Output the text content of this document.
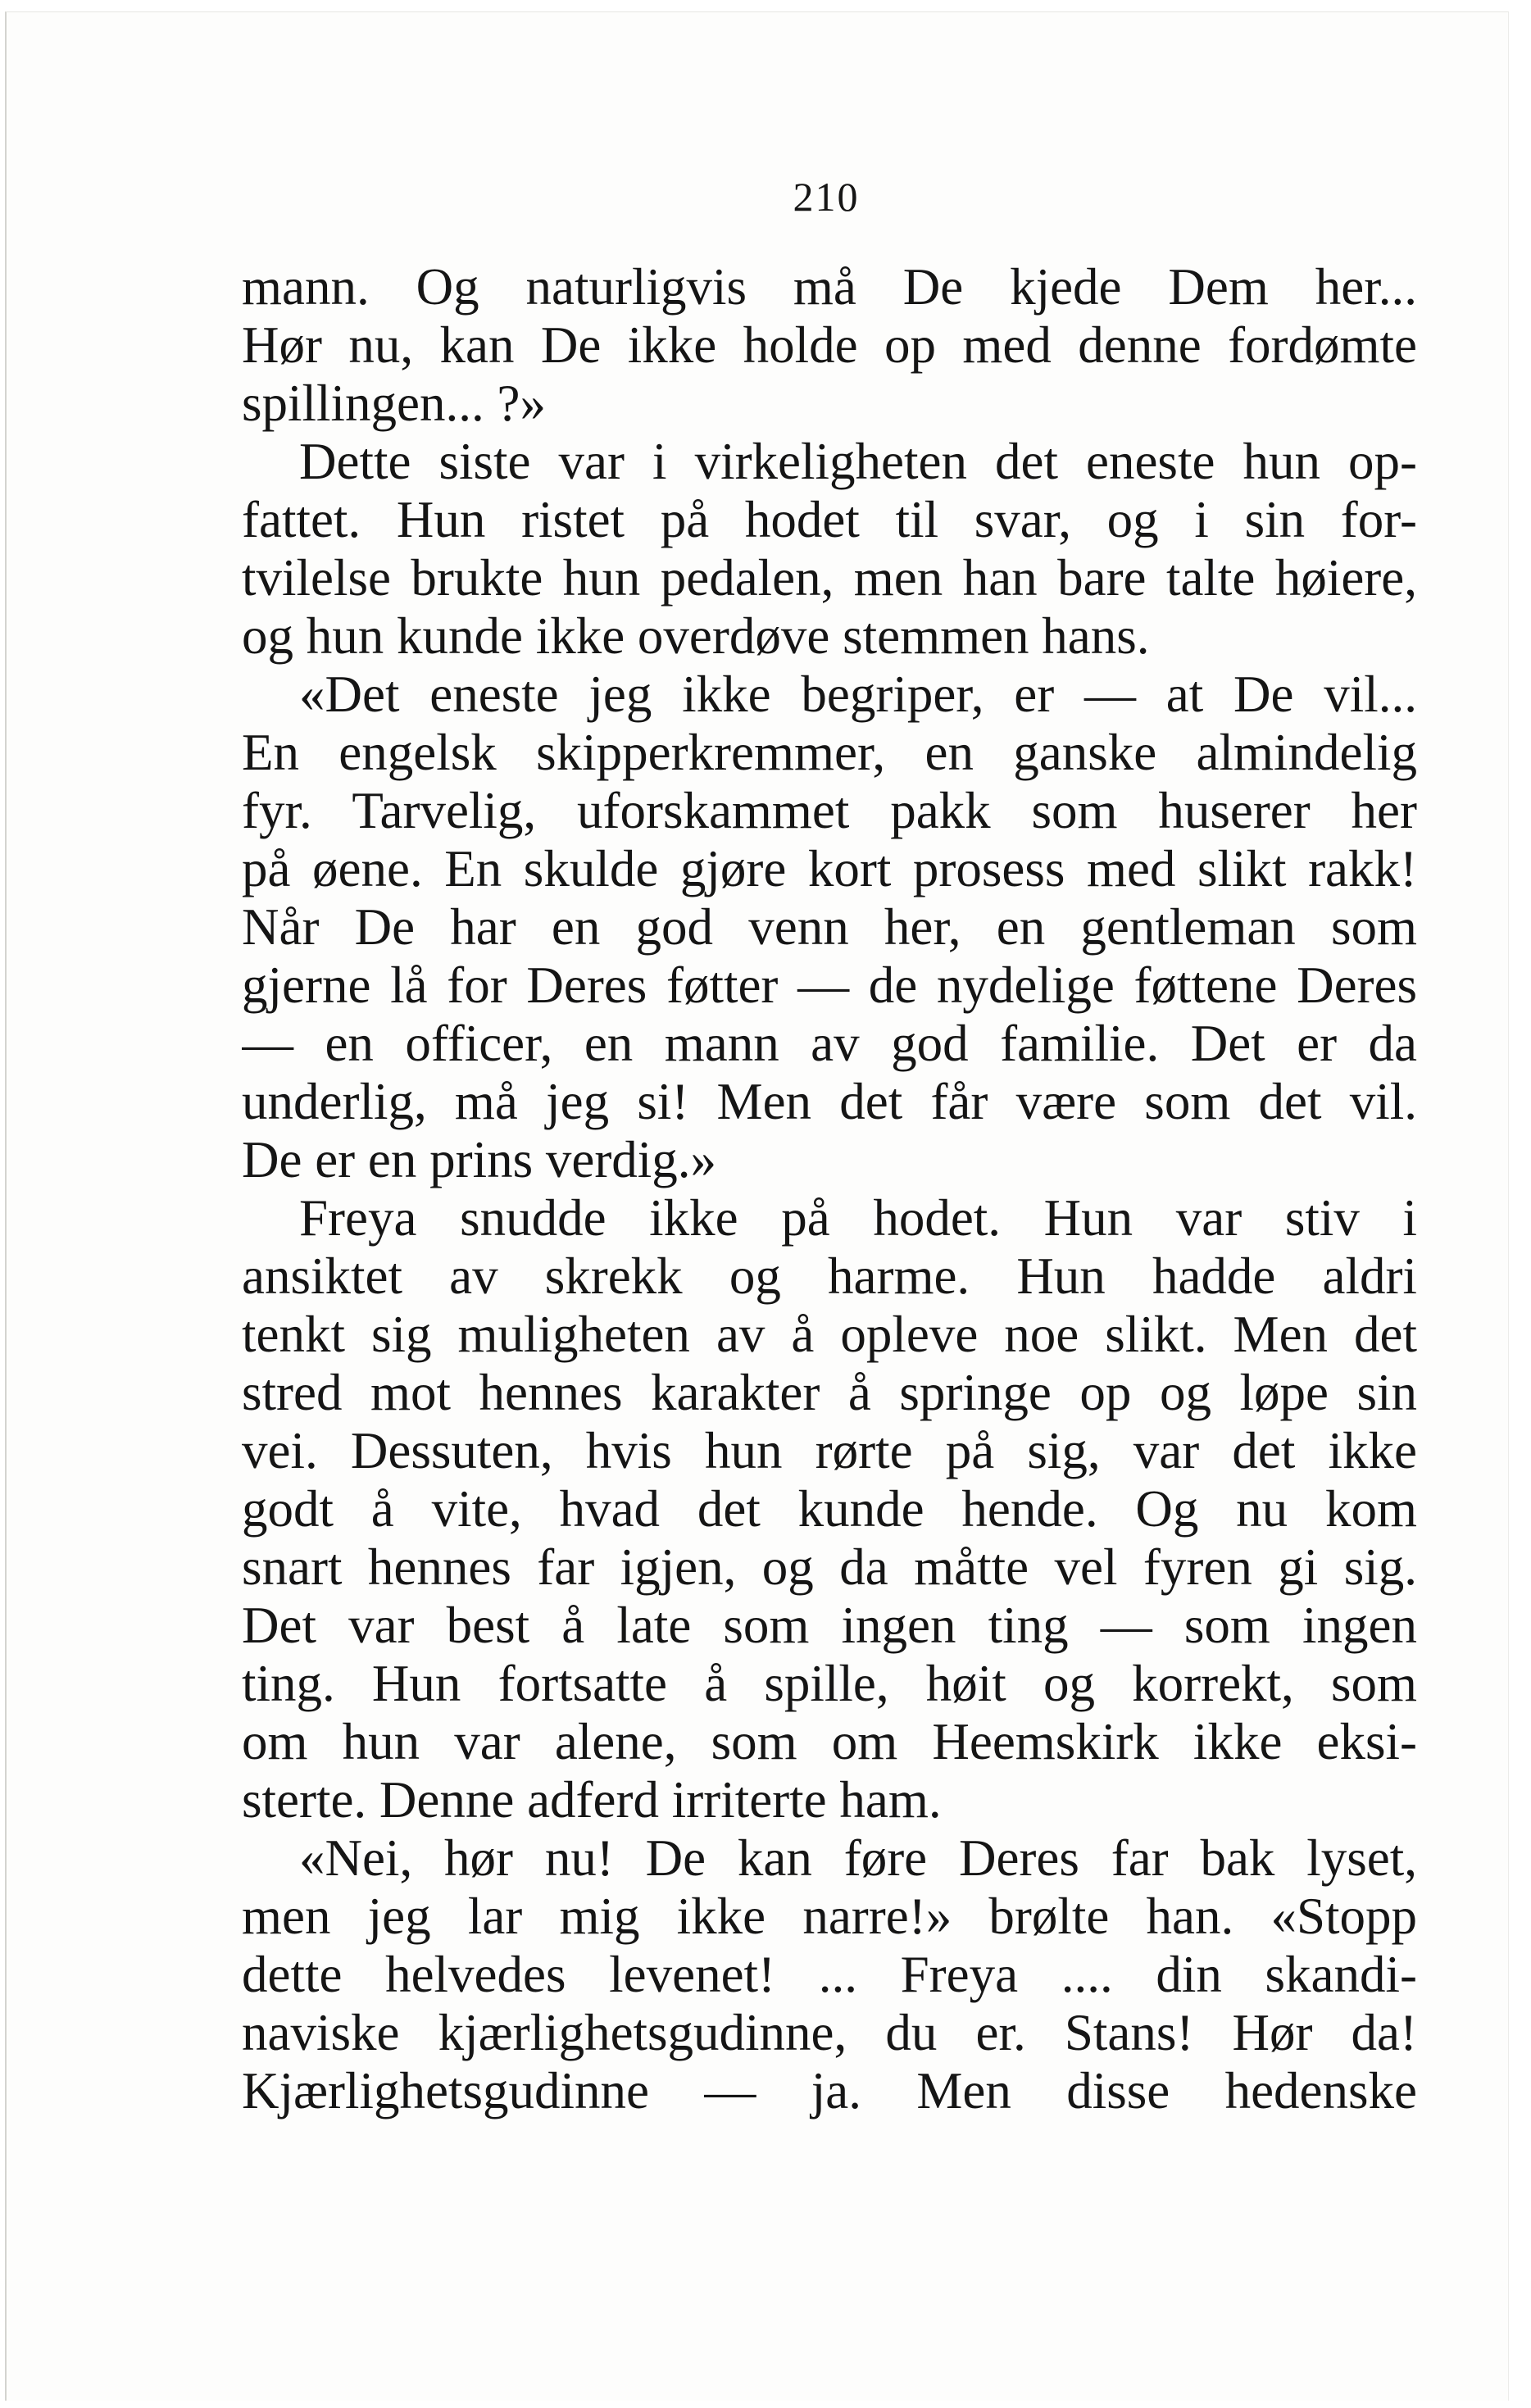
210
mann. Og naturligvis må De kjede Dem her...
Hør nu, kan De ikke holde op med denne fordømte
spillingen... ?»
Dette siste var i virkeligheten det eneste hun op-
fattet. Hun ristet på hodet til svar, og i sin for-
tvilelse brukte hun pedalen, men han bare talte høiere,
og hun kunde ikke overdøve stemmen hans.
«Det eneste jeg ikke begriper, er — at De vil...
En engelsk skipperkremmer, en ganske almindelig
fyr. Tarvelig, uforskammet pakk som huserer her
på øene. En skulde gjøre kort prosess med slikt rakk!
Når De har en god venn her, en gentleman som
gjerne lå for Deres føtter — de nydelige føttene Deres
— en officer, en mann av god familie. Det er da
underlig, må jeg si! Men det får være som det vil.
De er en prins verdig.»
Freya snudde ikke på hodet. Hun var stiv i
ansiktet av skrekk og harme. Hun hadde aldri
tenkt sig muligheten av å opleve noe slikt. Men det
stred mot hennes karakter å springe op og løpe sin
vei. Dessuten, hvis hun rørte på sig, var det ikke
godt å vite, hvad det kunde hende. Og nu kom
snart hennes far igjen, og da måtte vel fyren gi sig.
Det var best å late som ingen ting — som ingen
ting. Hun fortsatte å spille, høit og korrekt, som
om hun var alene, som om Heemskirk ikke eksi-
sterte. Denne adferd irriterte ham.
«Nei, hør nu! De kan føre Deres far bak lyset,
men jeg lar mig ikke narre!» brølte han. «Stopp
dette helvedes levenet! ... Freya .... din skandi-
naviske kjærlighetsgudinne, du er. Stans! Hør da!
Kjærlighetsgudinne — ja. Men disse hedenske
